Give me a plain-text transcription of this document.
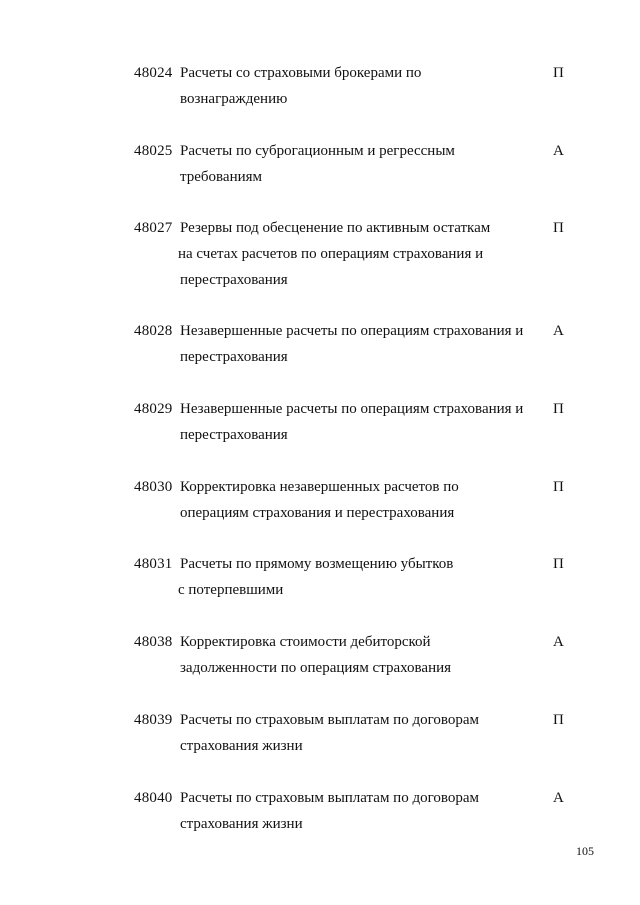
48024 Расчеты со страховыми брокерами по
вознаграждению
П
48025 Расчеты по суброгационным и регрессным
требованиям
А
48027 Резервы под обесценение по активным остаткам
на счетах расчетов по операциям страхования и
перестрахования
П
48028 Незавершенные расчеты по операциям страхования и
перестрахования
А
48029 Незавершенные расчеты по операциям страхования и
перестрахования
П
48030 Корректировка незавершенных расчетов по
операциям страхования и перестрахования
П
48031 Расчеты по прямому возмещению убытков
с потерпевшими
П
48038 Корректировка стоимости дебиторской
задолженности по операциям страхования
А
48039 Расчеты по страховым выплатам по договорам
страхования жизни
П
48040 Расчеты по страховым выплатам по договорам
страхования жизни
А
105
